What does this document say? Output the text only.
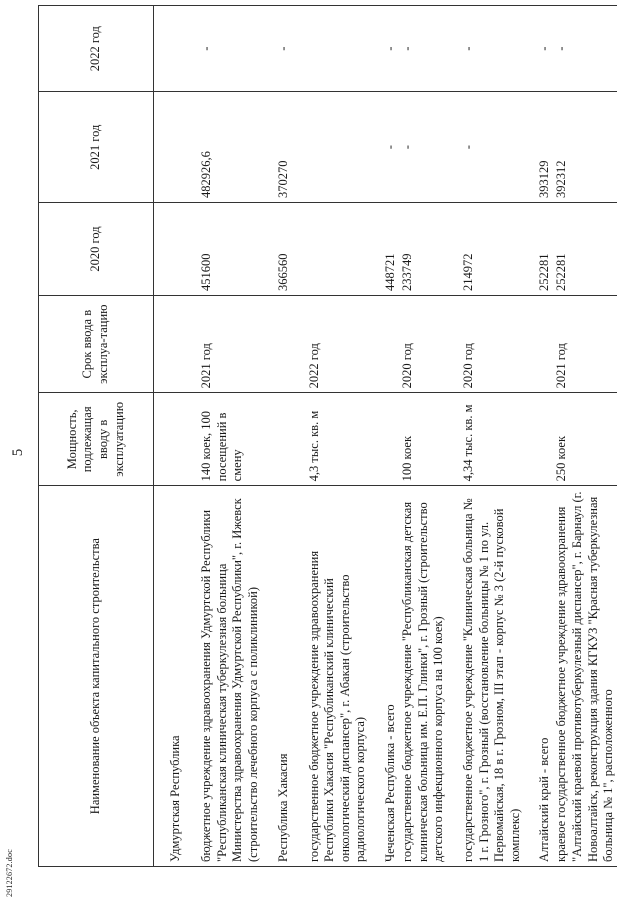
5
Наименование объекта капитального строительства	Мощность, подлежащая вводу в эксплуатацию	Срок ввода в эксплуа-тацию	2020 год	2021 год	2022 год

Удмуртская Республика					

бюджетное учреждение здравоохранения Удмуртской Республики "Республиканская клиническая туберкулезная больница Министерства здравоохранения Удмуртской Республики", г. Ижевск (строительство лечебного корпуса с поликлиникой)	140 коек, 100 посещений в смену	2021 год	451600	482926,6	-

Республика Хакасия			366560	370270	-

государственное бюджетное учреждение здравоохранения Республики Хакасия "Республиканский клинический онкологический диспансер", г. Абакан (строительство радиологического корпуса)	4,3 тыс. кв. м	2022 год			

Чеченская Республика - всего			448721	-	-
государственное бюджетное учреждение "Республиканская детская клиническая больница им. Е.П. Глинки", г. Грозный (строительство детского инфекционного корпуса на 100 коек)	100 коек	2020 год	233749	-	-

государственное бюджетное учреждение "Клиническая больница № 1 г. Грозного", г. Грозный (восстановление больницы № 1 по ул. Первомайская, 18 в г. Грозном, III этап - корпус № 3 (2-й пусковой комплекс)	4,34 тыс. кв. м	2020 год	214972	-	-

Алтайский край - всего			252281	393129	-
краевое государственное бюджетное учреждение здравоохранения "Алтайский краевой противотуберкулезный диспансер", г. Барнаул (г. Новоалтайск, реконструкция здания КГКУЗ "Красная туберкулезная больница № 1", расположенного	250 коек	2021 год	252281	392312	-
29122672.doc
